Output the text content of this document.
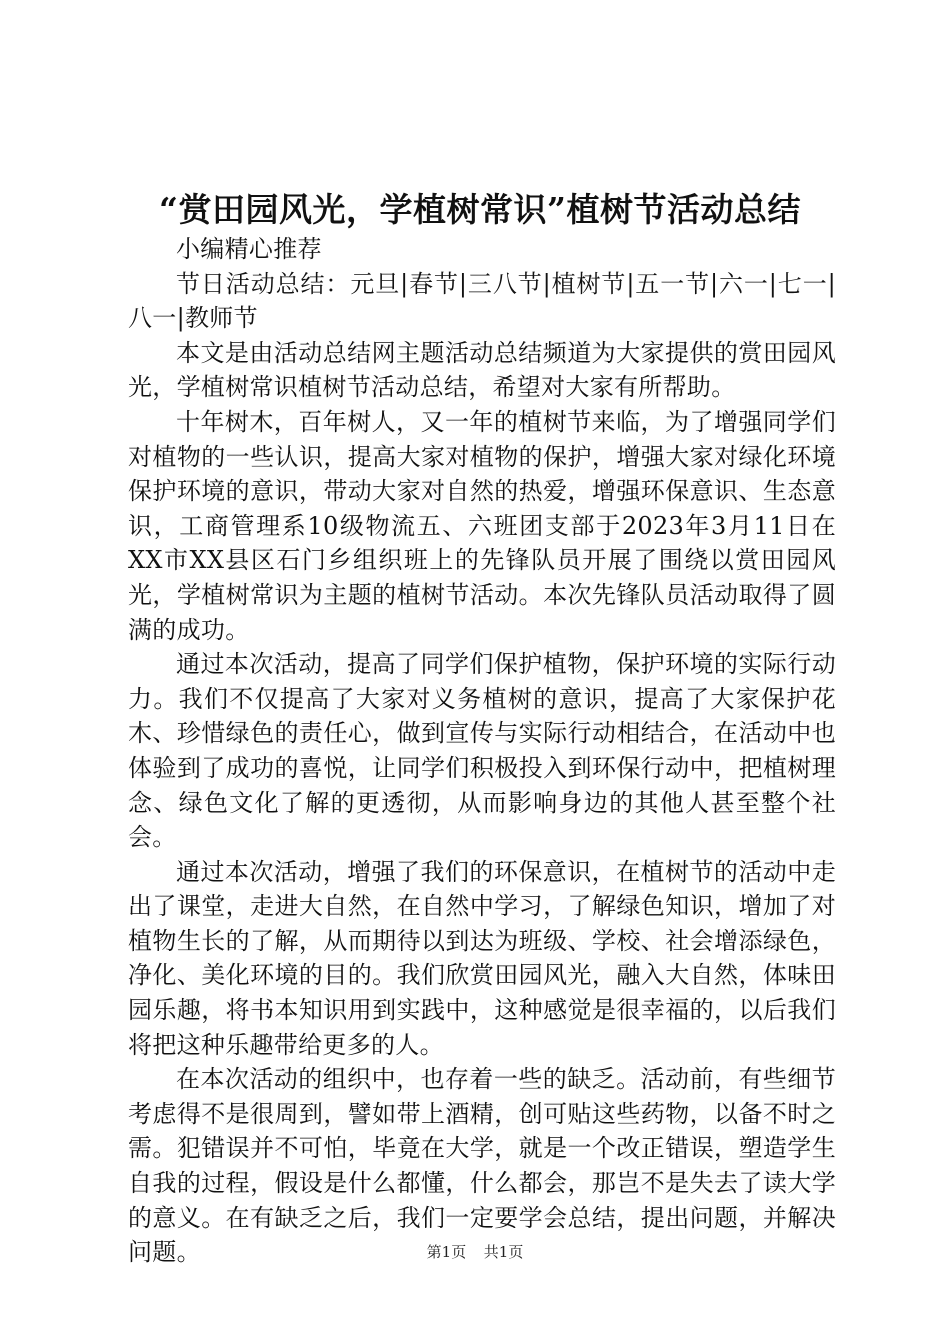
“赏田园风光，学植树常识”植树节活动总结

小编精心推荐

节日活动总结：元旦|春节|三八节|植树节|五一节|六一|七一|八一|教师节

本文是由活动总结网主题活动总结频道为大家提供的赏田园风光，学植树常识植树节活动总结，希望对大家有所帮助。

十年树木，百年树人，又一年的植树节来临，为了增强同学们对植物的一些认识，提高大家对植物的保护，增强大家对绿化环境保护环境的意识，带动大家对自然的热爱，增强环保意识、生态意识，工商管理系10级物流五、六班团支部于2023年3月11日在XX市XX县区石门乡组织班上的先锋队员开展了围绕以赏田园风光，学植树常识为主题的植树节活动。本次先锋队员活动取得了圆满的成功。

通过本次活动，提高了同学们保护植物，保护环境的实际行动力。我们不仅提高了大家对义务植树的意识，提高了大家保护花木、珍惜绿色的责任心，做到宣传与实际行动相结合，在活动中也体验到了成功的喜悦，让同学们积极投入到环保行动中，把植树理念、绿色文化了解的更透彻，从而影响身边的其他人甚至整个社会。

通过本次活动，增强了我们的环保意识，在植树节的活动中走出了课堂，走进大自然，在自然中学习，了解绿色知识，增加了对植物生长的了解，从而期待以到达为班级、学校、社会增添绿色，净化、美化环境的目的。我们欣赏田园风光，融入大自然，体味田园乐趣，将书本知识用到实践中，这种感觉是很幸福的，以后我们将把这种乐趣带给更多的人。

在本次活动的组织中，也存着一些的缺乏。活动前，有些细节考虑得不是很周到，譬如带上酒精，创可贴这些药物，以备不时之需。犯错误并不可怕，毕竟在大学，就是一个改正错误，塑造学生自我的过程，假设是什么都懂，什么都会，那岂不是失去了读大学的意义。在有缺乏之后，我们一定要学会总结，提出问题，并解决问题。	第1页 共1页
